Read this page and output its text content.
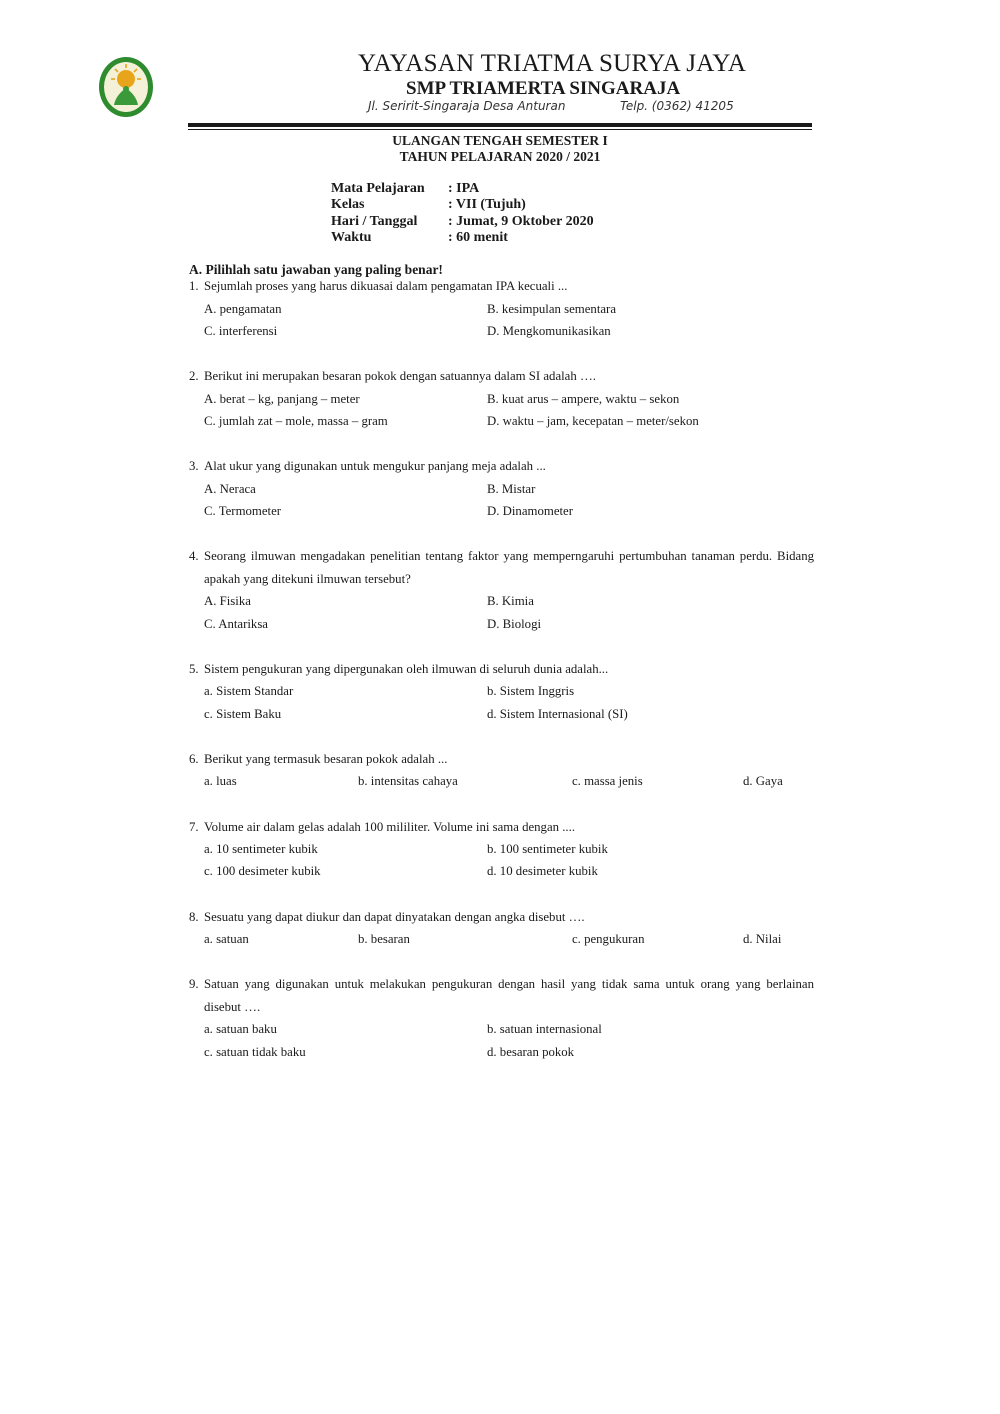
YAYASAN TRIATMA SURYA JAYA
SMP TRIAMERTA SINGARAJA
Jl. Seririt-Singaraja Desa Anturan	Telp. (0362) 41205
ULANGAN TENGAH SEMESTER I
TAHUN PELAJARAN 2020 / 2021
Mata Pelajaran : IPA
Kelas	: VII (Tujuh)
Hari / Tanggal : Jumat, 9 Oktober 2020
Waktu	: 60 menit
A. Pilihlah satu jawaban yang paling benar!
1. Sejumlah proses yang harus dikuasai dalam pengamatan IPA kecuali ...
A. pengamatan	B. kesimpulan sementara
C. interferensi	D. Mengkomunikasikan
2. Berikut ini merupakan besaran pokok dengan satuannya dalam SI adalah ….
A. berat – kg, panjang – meter	B. kuat arus – ampere, waktu – sekon
C. jumlah zat – mole, massa – gram	D. waktu – jam, kecepatan – meter/sekon
3. Alat ukur yang digunakan untuk mengukur panjang meja adalah ...
A. Neraca	B. Mistar
C. Termometer	D. Dinamometer
4. Seorang ilmuwan mengadakan penelitian tentang faktor yang memperngaruhi pertumbuhan tanaman perdu. Bidang
apakah yang ditekuni ilmuwan tersebut?
A. Fisika	B. Kimia
C. Antariksa	D. Biologi
5. Sistem pengukuran yang dipergunakan oleh ilmuwan di seluruh dunia adalah...
a. Sistem Standar	b. Sistem Inggris
c. Sistem Baku	d. Sistem Internasional (SI)
6. Berikut yang termasuk besaran pokok adalah ...
a. luas	b. intensitas cahaya	c. massa jenis	d. Gaya
7. Volume air dalam gelas adalah 100 mililiter. Volume ini sama dengan ....
a. 10 sentimeter kubik	b. 100 sentimeter kubik
c. 100 desimeter kubik	d. 10 desimeter kubik
8. Sesuatu yang dapat diukur dan dapat dinyatakan dengan angka disebut ….
a. satuan	b. besaran	c. pengukuran	d. Nilai
9. Satuan yang digunakan untuk melakukan pengukuran dengan hasil yang tidak sama untuk orang yang berlainan
disebut ….
a. satuan baku	b. satuan internasional
c. satuan tidak baku	d. besaran pokok
